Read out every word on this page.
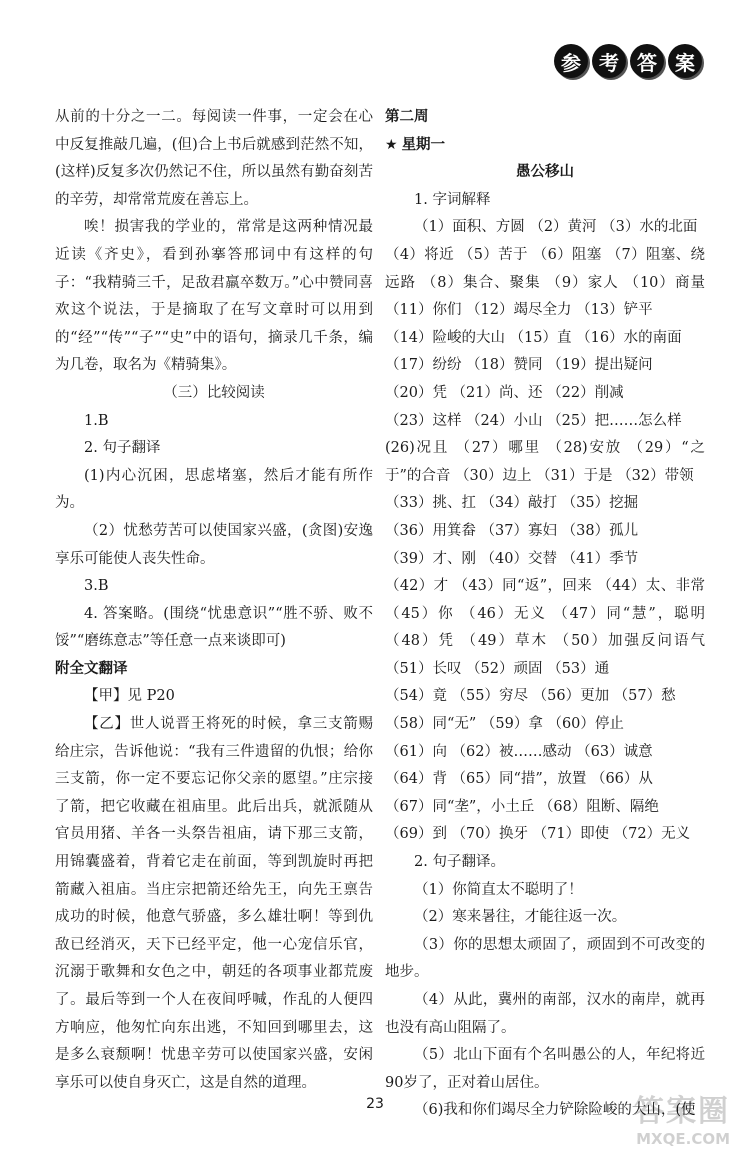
参 考 答 案

从前的十分之一二。每阅读一件事，一定会在心中反复推敲几遍，(但)合上书后就感到茫然不知，(这样)反复多次仍然记不住，所以虽然有勤奋刻苦的辛劳，却常常荒废在善忘上。

唉！损害我的学业的，常常是这两种情况最近读《齐史》，看到孙搴答邢词中有这样的句子：“我精骑三千，足敌君羸卒数万。”心中赞同喜欢这个说法，于是摘取了在写文章时可以用到的“经”“传”“子”“史”中的语句，摘录几千条，编为几卷，取名为《精骑集》。

（三）比较阅读

1.B

2. 句子翻译

(1)内心沉困，思虑堵塞，然后才能有所作为。

（2）忧愁劳苦可以使国家兴盛，(贪图)安逸享乐可能使人丧失性命。

3.B

4. 答案略。(围绕“忧患意识”“胜不骄、败不馁”“磨练意志”等任意一点来谈即可)

附全文翻译

【甲】见 P20

【乙】世人说晋王将死的时候，拿三支箭赐给庄宗，告诉他说：“我有三件遗留的仇恨；给你三支箭，你一定不要忘记你父亲的愿望。”庄宗接了箭，把它收藏在祖庙里。此后出兵，就派随从官员用猪、羊各一头祭告祖庙，请下那三支箭，用锦囊盛着，背着它走在前面，等到凯旋时再把箭藏入祖庙。当庄宗把箭还给先王，向先王禀告成功的时候，他意气骄盛，多么雄壮啊！等到仇敌已经消灭，天下已经平定，他一心宠信乐官，沉溺于歌舞和女色之中，朝廷的各项事业都荒废了。最后等到一个人在夜间呼喊，作乱的人便四方响应，他匆忙向东出逃，不知回到哪里去，这是多么衰颓啊！忧患辛劳可以使国家兴盛，安闲享乐可以使自身灭亡，这是自然的道理。

第二周

★ 星期一

愚公移山

1. 字词解释

（1）面积、方圆 （2）黄河 （3）水的北面

（4）将近 （5）苦于 （6）阻塞 （7）阻塞、绕远路 （8）集合、聚集 （9）家人 （10）商量 （11）你们 （12）竭尽全力 （13）铲平

（14）险峻的大山 （15）直 （16）水的南面

（17）纷纷 （18）赞同 （19）提出疑问

（20）凭 （21）尚、还 （22）削减

（23）这样 （24）小山 （25）把……怎么样

(26)况且 （27）哪里 （28)安放 （29）“之于”的合音 （30）边上 （31）于是 （32）带领

（33）挑、扛 （34）敲打 （35）挖掘

（36）用箕畚 （37）寡妇 （38）孤儿

（39）才、刚 （40）交替 （41）季节

（42）才 （43）同“返”，回来 （44）太、非常 （45）你 （46）无义 （47）同“慧”，聪明 （48）凭 （49）草木 （50）加强反问语气 （51）长叹 （52）顽固 （53）通

（54）竟 （55）穷尽 （56）更加 （57）愁

（58）同“无” （59）拿 （60）停止

（61）向 （62）被……感动 （63）诚意

（64）背 （65）同“措”，放置 （66）从

（67）同“垄”，小土丘 （68）阻断、隔绝

（69）到 （70）换牙 （71）即使 （72）无义

2. 句子翻译。

（1）你简直太不聪明了！

（2）寒来暑往，才能往返一次。

（3）你的思想太顽固了，顽固到不可改变的地步。

（4）从此，冀州的南部，汉水的南岸，就再也没有高山阻隔了。

（5）北山下面有个名叫愚公的人，年纪将近90岁了，正对着山居住。

（6)我和你们竭尽全力铲除险峻的大山，(使

23	答案圈
MXQE.COM
